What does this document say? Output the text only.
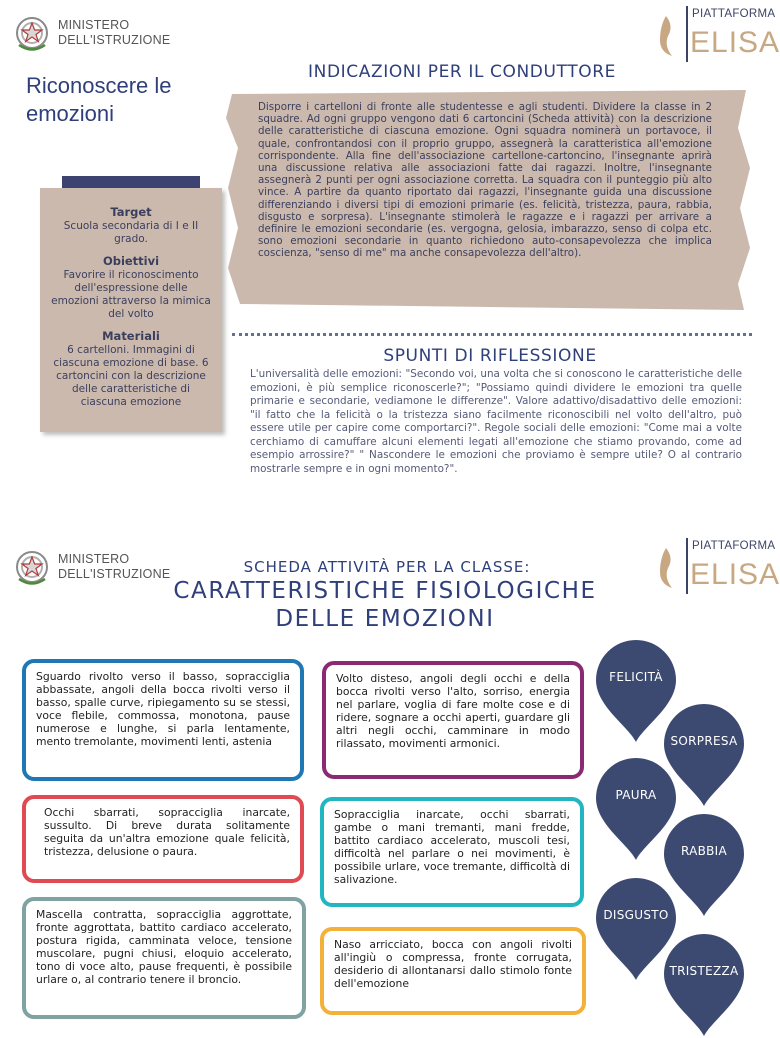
MINISTERO
DELL'ISTRUZIONE
PIATTAFORMA
ELISA
Riconoscere le
emozioni
Target
Scuola secondaria di I e II grado.
Obiettivi
Favorire il riconoscimento dell'espressione delle emozioni attraverso la mimica del volto
Materiali
6 cartelloni. Immagini di ciascuna emozione di base. 6 cartoncini con la descrizione delle caratteristiche di ciascuna emozione
INDICAZIONI PER IL CONDUTTORE
Disporre i cartelloni di fronte alle studentesse e agli studenti. Dividere la classe in 2 squadre. Ad ogni gruppo vengono dati 6 cartoncini (Scheda attività) con la descrizione delle caratteristiche di ciascuna emozione. Ogni squadra nominerà un portavoce, il quale, confrontandosi con il proprio gruppo, assegnerà la caratteristica all'emozione corrispondente. Alla fine dell'associazione cartellone-cartoncino, l'insegnante aprirà una discussione relativa alle associazioni fatte dai ragazzi. Inoltre, l'insegnante assegnerà 2 punti per ogni associazione corretta. La squadra con il punteggio più alto vince. A partire da quanto riportato dai ragazzi, l'insegnante guida una discussione differenziando i diversi tipi di emozioni primarie (es. felicità, tristezza, paura, rabbia, disgusto e sorpresa). L'insegnante stimolerà le ragazze e i ragazzi per arrivare a definire le emozioni secondarie (es. vergogna, gelosia, imbarazzo, senso di colpa etc. sono emozioni secondarie in quanto richiedono auto-consapevolezza che implica coscienza, "senso di me" ma anche consapevolezza dell'altro).
SPUNTI DI RIFLESSIONE
L'universalità delle emozioni: "Secondo voi, una volta che si conoscono le caratteristiche delle emozioni, è più semplice riconoscerle?"; "Possiamo quindi dividere le emozioni tra quelle primarie e secondarie, vediamone le differenze". Valore adattivo/disadattivo delle emozioni: "il fatto che la felicità o la tristezza siano facilmente riconoscibili nel volto dell'altro, può essere utile per capire come comportarci?". Regole sociali delle emozioni: "Come mai a volte cerchiamo di camuffare alcuni elementi legati all'emozione che stiamo provando, come ad esempio arrossire?" " Nascondere le emozioni che proviamo è sempre utile? O al contrario mostrarle sempre e in ogni momento?".
MINISTERO
DELL'ISTRUZIONE
PIATTAFORMA
ELISA
SCHEDA ATTIVITÀ PER LA CLASSE:
CARATTERISTICHE FISIOLOGICHE
DELLE EMOZIONI
Sguardo rivolto verso il basso, sopracciglia abbassate, angoli della bocca rivolti verso il basso, spalle curve, ripiegamento su se stessi, voce flebile, commossa, monotona, pause numerose e lunghe, si parla lentamente, mento tremolante, movimenti lenti, astenia
Volto disteso, angoli degli occhi e della bocca rivolti verso l'alto, sorriso, energia nel parlare, voglia di fare molte cose e di ridere, sognare a occhi aperti, guardare gli altri negli occhi, camminare in modo rilassato, movimenti armonici.
Occhi sbarrati, sopracciglia inarcate, sussulto. Di breve durata solitamente seguita da un'altra emozione quale felicità, tristezza, delusione o paura.
Sopracciglia inarcate, occhi sbarrati, gambe o mani tremanti, mani fredde, battito cardiaco accelerato, muscoli tesi, difficoltà nel parlare o nei movimenti, è possibile urlare, voce tremante, difficoltà di salivazione.
Mascella contratta, sopracciglia aggrottate, fronte aggrottata, battito cardiaco accelerato, postura rigida, camminata veloce, tensione muscolare, pugni chiusi, eloquio accelerato, tono di voce alto, pause frequenti, è possibile urlare o, al contrario tenere il broncio.
Naso arricciato, bocca con angoli rivolti all'ingiù o compressa, fronte corrugata, desiderio di allontanarsi dallo stimolo fonte dell'emozione
FELICITÀ
SORPRESA
PAURA
RABBIA
DISGUSTO
TRISTEZZA
